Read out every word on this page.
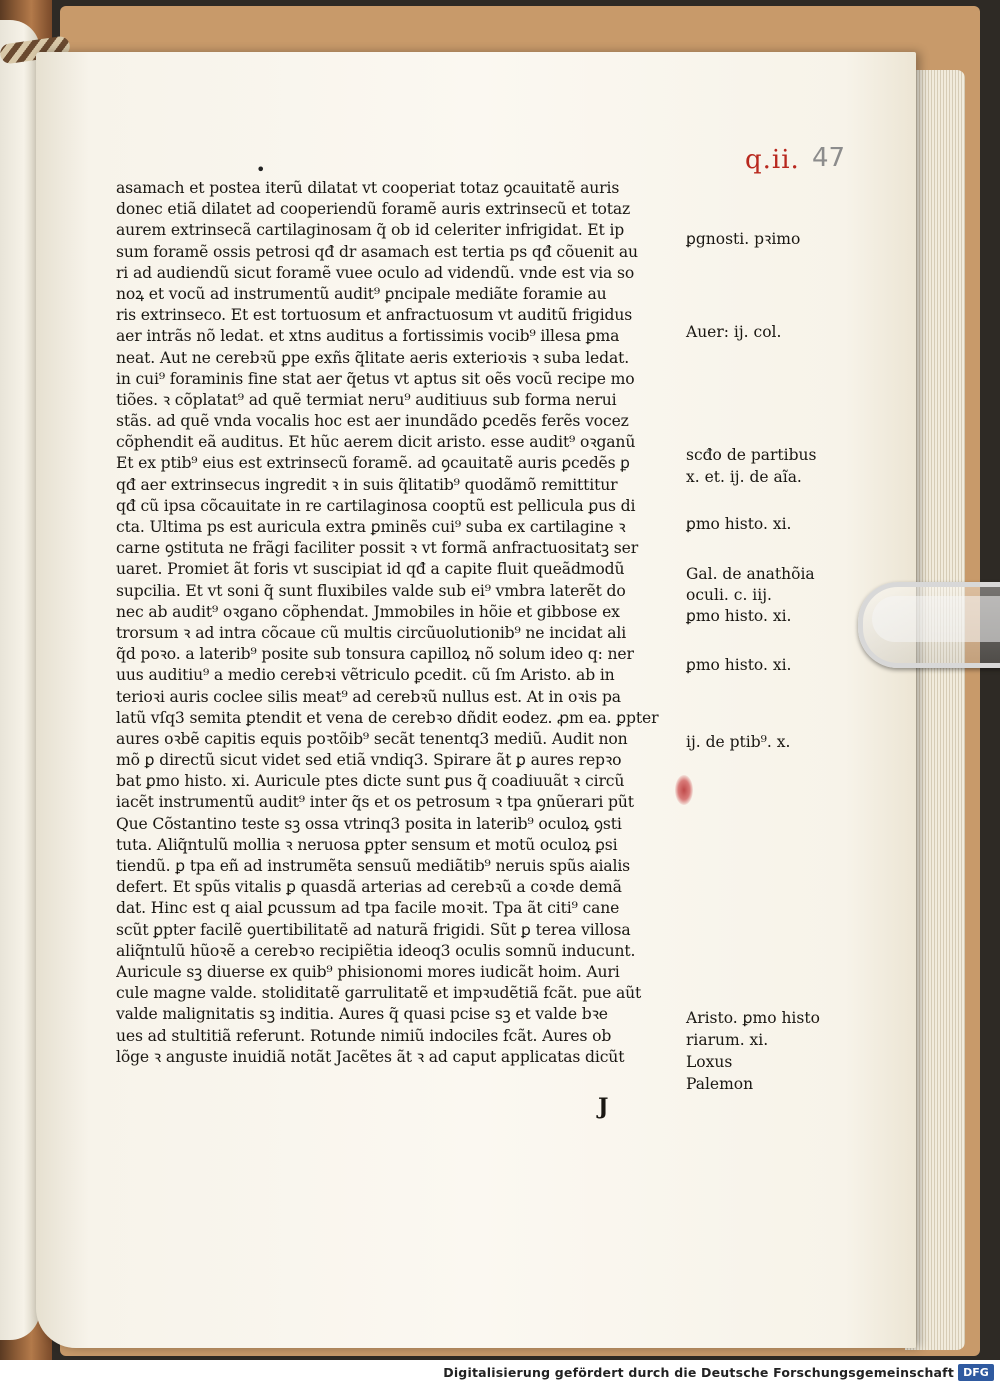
q.ii. 47
•
asamach et postea iterũ dilatat vt cooperiat totaz ꝯcauitatẽ auris
donec etiã dilatet ad cooperiendũ foramẽ auris extrinsecũ et totaz
aurem extrinsecã cartilaginosam q̃ ob id celeriter infrigidat. Et ip
sum foramẽ ossis petrosi qđ dr asamach est tertia ps qđ cõuenit au
ri ad audiendũ sicut foramẽ vuee oculo ad videndũ. vnde est via so
noꝝ et vocũ ad instrumentũ audit⁹ ꝑncipale mediãte foramie au
ris extrinseco. Et est tortuosum et anfractuosum vt auditũ frigidus
aer intrãs nõ ledat. et xtns auditus a fortissimis vocib⁹ illesa ꝑma
neat. Aut ne cerebꝛũ ꝑpe exñs q̃litate aeris exterioꝛis ꝛ suba ledat.
in cui⁹ foraminis fine stat aer q̃etus vt aptus sit oẽs vocũ recipe mo
tiões. ꝛ cõplatat⁹ ad quẽ termiat neru⁹ auditiuus sub forma nerui
stãs. ad quẽ vnda vocalis hoc est aer inundãdo ꝑcedẽs ferẽs vocez
cõphendit eã auditus. Et hũc aerem dicit aristo. esse audit⁹ oꝛganũ
Et ex ptib⁹ eius est extrinsecũ foramẽ. ad ꝯcauitatẽ auris ꝑcedẽs ꝑ
qđ aer extrinsecus ingredit ꝛ in suis q̃litatib⁹ quodãmõ remittitur
qđ cũ ipsa cõcauitate in re cartilaginosa cooptũ est pellicula ꝑus di
cta. Ultima ps est auricula extra ꝑminẽs cui⁹ suba ex cartilagine ꝛ
carne ꝯstituta ne frãgi faciliter possit ꝛ vt formã anfractuositatꝫ ser
uaret. Promiet ãt foris vt suscipiat id qđ a capite fluit queãdmodũ
supcilia. Et vt soni q̃ sunt fluxibiles valde sub ei⁹ vmbra laterẽt do
nec ab audit⁹ oꝛgano cõphendat. Jmmobiles in hõie et gibbose ex
trorsum ꝛ ad intra cõcaue cũ multis circũuolutionib⁹ ne incidat ali
q̃d poꝛo. a laterib⁹ posite sub tonsura capilloꝝ nõ solum ideo q: ner
uus auditiu⁹ a medio cerebꝛi vẽtriculo ꝑcedit. cũ ſm Aristo. ab in
terioꝛi auris coclee silis meat⁹ ad cerebꝛũ nullus est. At in oꝛis pa
latũ vſq3 semita ꝑtendit et vena de cerebꝛo dñdit eodez. ꝓm ea. ꝑpter
aures oꝛbẽ capitis equis poꝛtõib⁹ secãt tenentq3 mediũ. Audit non
mõ ꝑ directũ sicut videt sed etiã vndiq3. Spirare ãt ꝑ aures repꝛo
bat ꝑmo histo. xi. Auricule ptes dicte sunt ꝑus q̃ coadiuuãt ꝛ circũ
iacẽt instrumentũ audit⁹ inter q̃s et os petrosum ꝛ tpa ꝯnũerari pũt
Que Cõstantino teste sꝫ ossa vtrinq3 posita in laterib⁹ oculoꝝ ꝯsti
tuta. Aliq̃ntulũ mollia ꝛ neruosa ꝑpter sensum et motũ oculoꝝ ꝑsi
tiendũ. ꝑ tpa eñ ad instrumẽta sensuũ mediãtib⁹ neruis spũs aialis
defert. Et spũs vitalis ꝑ quasdã arterias ad cerebꝛũ a coꝛde demã
dat. Hinc est q aial ꝑcussum ad tpa facile moꝛit. Tpa ãt citi⁹ cane
scũt ꝑpter facilẽ ꝯuertibilitatẽ ad naturã frigidi. Sũt ꝑ terea villosa
aliq̃ntulũ hũoꝛẽ a cerebꝛo recipiẽtia ideoq3 oculis somnũ inducunt.
Auricule sꝫ diuerse ex quib⁹ phisionomi mores iudicãt hoim. Auri
cule magne valde. stoliditatẽ garrulitatẽ et impꝛudẽtiã fcãt. pue aũt
valde malignitatis sꝫ inditia. Aures q̃ quasi pcise sꝫ et valde bꝛe
ues ad stultitiã referunt. Rotunde nimiũ indociles fcãt. Aures ob
lõge ꝛ anguste inuidiã notãt Jacẽtes ãt ꝛ ad caput applicatas dicũt
ꝑgnosti. pꝛimo
Auer: ij. col.
scđo de partibus
x. et. ij. de aĩa.
ꝑmo histo. xi.
Gal. de anathõia
oculi. c. iij.
ꝑmo histo. xi.
ꝑmo histo. xi.
ij. de ptib⁹. x.
Aristo. ꝑmo histo
riarum. xi.
Loxus
Palemon
J
Digitalisierung gefördert durch die Deutsche Forschungsgemeinschaft DFG
